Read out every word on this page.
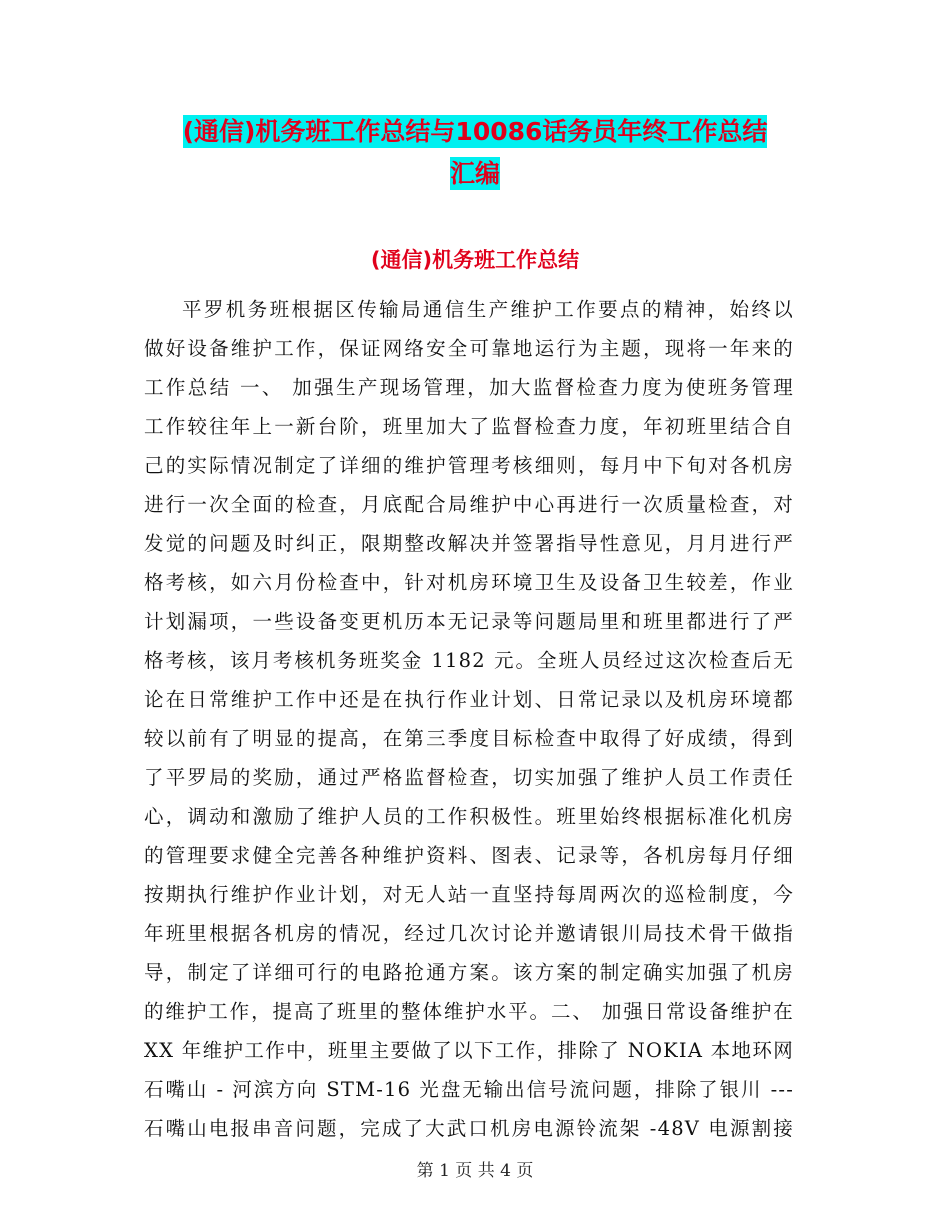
(通信)机务班工作总结与10086话务员年终工作总结
汇编
(通信)机务班工作总结
平罗机务班根据区传输局通信生产维护工作要点的精神，始终以
做好设备维护工作，保证网络安全可靠地运行为主题，现将一年来的
工作总结 一、 加强生产现场管理，加大监督检查力度为使班务管理
工作较往年上一新台阶，班里加大了监督检查力度，年初班里结合自
己的实际情况制定了详细的维护管理考核细则，每月中下旬对各机房
进行一次全面的检查，月底配合局维护中心再进行一次质量检查，对
发觉的问题及时纠正，限期整改解决并签署指导性意见，月月进行严
格考核，如六月份检查中，针对机房环境卫生及设备卫生较差，作业
计划漏项，一些设备变更机历本无记录等问题局里和班里都进行了严
格考核，该月考核机务班奖金 1182 元。全班人员经过这次检查后无
论在日常维护工作中还是在执行作业计划、日常记录以及机房环境都
较以前有了明显的提高，在第三季度目标检查中取得了好成绩，得到
了平罗局的奖励，通过严格监督检查，切实加强了维护人员工作责任
心，调动和激励了维护人员的工作积极性。班里始终根据标准化机房
的管理要求健全完善各种维护资料、图表、记录等，各机房每月仔细
按期执行维护作业计划，对无人站一直坚持每周两次的巡检制度，今
年班里根据各机房的情况，经过几次讨论并邀请银川局技术骨干做指
导，制定了详细可行的电路抢通方案。该方案的制定确实加强了机房
的维护工作，提高了班里的整体维护水平。二、 加强日常设备维护在
XX 年维护工作中，班里主要做了以下工作，排除了 NOKIA 本地环网
石嘴山 - 河滨方向 STM-16 光盘无输出信号流问题，排除了银川 ---
石嘴山电报串音问题，完成了大武口机房电源铃流架 -48V 电源割接
第 1 页 共 4 页
